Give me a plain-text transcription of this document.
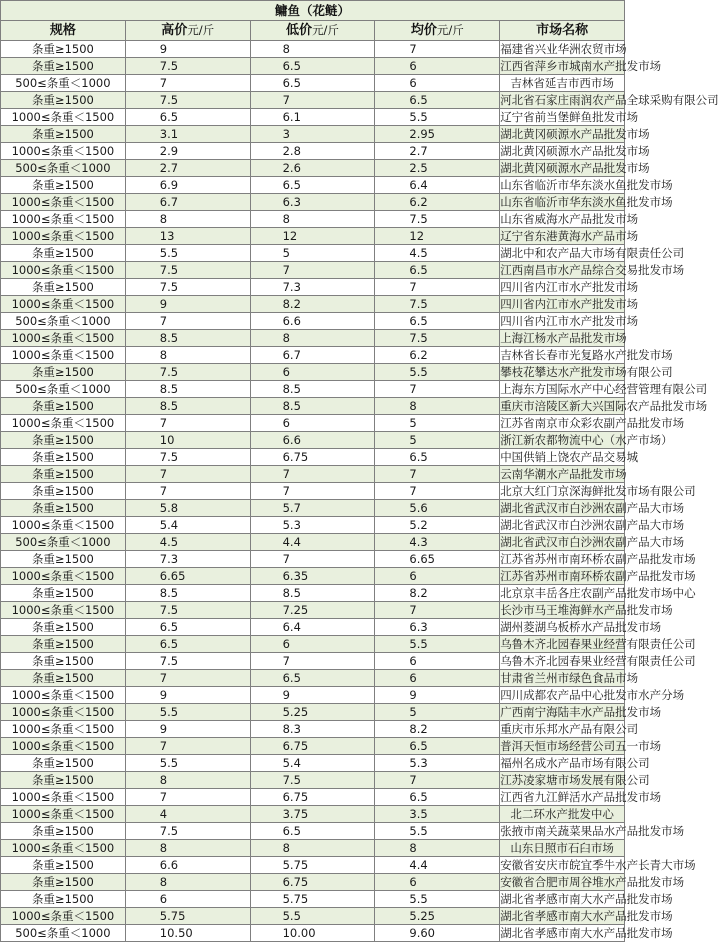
鳙鱼（花鲢）				
规格	高价元/斤	低价元/斤	均价元/斤	市场名称
条重≥1500	9	8	7	福建省兴业华洲农贸市场
条重≥1500	7.5	6.5	6	江西省萍乡市城南水产批发市场
500≤条重＜1000	7	6.5	6	吉林省延吉市西市场
条重≥1500	7.5	7	6.5	河北省石家庄雨润农产品全球采购有限公司
1000≤条重＜1500	6.5	6.1	5.5	辽宁省前当堡鲜鱼批发市场
条重≥1500	3.1	3	2.95	湖北黄冈硕源水产品批发市场
1000≤条重＜1500	2.9	2.8	2.7	湖北黄冈硕源水产品批发市场
500≤条重＜1000	2.7	2.6	2.5	湖北黄冈硕源水产品批发市场
条重≥1500	6.9	6.5	6.4	山东省临沂市华东淡水鱼批发市场
1000≤条重＜1500	6.7	6.3	6.2	山东省临沂市华东淡水鱼批发市场
1000≤条重＜1500	8	8	7.5	山东省威海水产品批发市场
1000≤条重＜1500	13	12	12	辽宁省东港黄海水产品市场
条重≥1500	5.5	5	4.5	湖北中和农产品大市场有限责任公司
1000≤条重＜1500	7.5	7	6.5	江西南昌市水产品综合交易批发市场
条重≥1500	7.5	7.3	7	四川省内江市水产批发市场
1000≤条重＜1500	9	8.2	7.5	四川省内江市水产批发市场
500≤条重＜1000	7	6.6	6.5	四川省内江市水产批发市场
1000≤条重＜1500	8.5	8	7.5	上海江杨水产品批发市场
1000≤条重＜1500	8	6.7	6.2	吉林省长春市光复路水产批发市场
条重≥1500	7.5	6	5.5	攀枝花攀达水产批发市场有限公司
500≤条重＜1000	8.5	8.5	7	上海东方国际水产中心经营管理有限公司
条重≥1500	8.5	8.5	8	重庆市涪陵区新大兴国际农产品批发市场
1000≤条重＜1500	7	6	5	江苏省南京市众彩农副产品批发市场
条重≥1500	10	6.6	5	浙江新农都物流中心（水产市场）
条重≥1500	7.5	6.75	6.5	中国供销上饶农产品交易城
条重≥1500	7	7	7	云南华潮水产品批发市场
条重≥1500	7	7	7	北京大红门京深海鲜批发市场有限公司
条重≥1500	5.8	5.7	5.6	湖北省武汉市白沙洲农副产品大市场
1000≤条重＜1500	5.4	5.3	5.2	湖北省武汉市白沙洲农副产品大市场
500≤条重＜1000	4.5	4.4	4.3	湖北省武汉市白沙洲农副产品大市场
条重≥1500	7.3	7	6.65	江苏省苏州市南环桥农副产品批发市场
1000≤条重＜1500	6.65	6.35	6	江苏省苏州市南环桥农副产品批发市场
条重≥1500	8.5	8.5	8.2	北京京丰岳各庄农副产品批发市场中心
1000≤条重＜1500	7.5	7.25	7	长沙市马王堆海鲜水产品批发市场
条重≥1500	6.5	6.4	6.3	湖州菱湖乌板桥水产品批发市场
条重≥1500	6.5	6	5.5	乌鲁木齐北园春果业经营有限责任公司
条重≥1500	7.5	7	6	乌鲁木齐北园春果业经营有限责任公司
条重≥1500	7	6.5	6	甘肃省兰州市绿色食品市场
1000≤条重＜1500	9	9	9	四川成都农产品中心批发市水产分场
1000≤条重＜1500	5.5	5.25	5	广西南宁海陆丰水产品批发市场
1000≤条重＜1500	9	8.3	8.2	重庆市乐邦水产品有限公司
1000≤条重＜1500	7	6.75	6.5	普洱天恒市场经营公司五一市场
条重≥1500	5.5	5.4	5.3	福州名成水产品市场有限公司
条重≥1500	8	7.5	7	江苏凌家塘市场发展有限公司
1000≤条重＜1500	7	6.75	6.5	江西省九江鲜活水产品批发市场
1000≤条重＜1500	4	3.75	3.5	北二环水产批发中心
条重≥1500	7.5	6.5	5.5	张掖市南关蔬菜果品水产品批发市场
1000≤条重＜1500	8	8	8	山东日照市石臼市场
条重≥1500	6.6	5.75	4.4	安徽省安庆市皖宜季牛水产长青大市场
条重≥1500	8	6.75	6	安徽省合肥市周谷堆水产品批发市场
条重≥1500	6	5.75	5.5	湖北省孝感市南大水产品批发市场
1000≤条重＜1500	5.75	5.5	5.25	湖北省孝感市南大水产品批发市场
500≤条重＜1000	10.50	10.00	9.60	湖北省孝感市南大水产品批发市场
